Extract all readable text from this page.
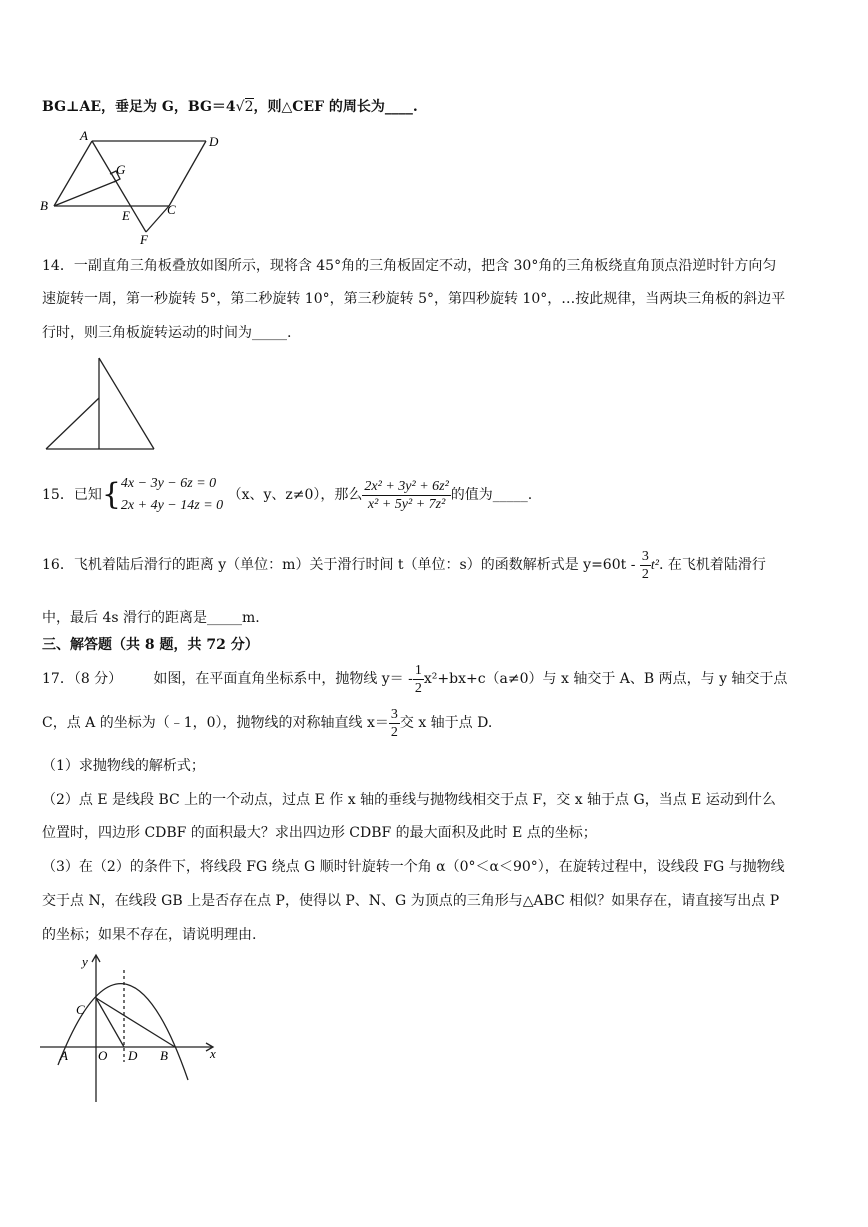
BG⊥AE，垂足为 G，BG＝4√2，则△CEF 的周长为____.
A	D
G
B
E	C
F
14．一副直角三角板叠放如图所示，现将含 45°角的三角板固定不动，把含 30°角的三角板绕直角顶点沿逆时针方向匀
速旋转一周，第一秒旋转 5°，第二秒旋转 10°，第三秒旋转 5°，第四秒旋转 10°，…按此规律，当两块三角板的斜边平
行时，则三角板旋转运动的时间为_____.
15．已知{ 4x − 3y − 6z = 0
2x + 4y − 14z = 0
（x、y、z≠0），那么 $\frac{\text{2x² + 3y² + 6z²}}{\text{x² + 5y² + 7z²}}$ 的值为_____.
16．飞机着陆后滑行的距离 y（单位：m）关于滑行时间 t（单位：s）的函数解析式是 $y=60t - \frac{3}{2} t^2$. 在飞机着陆滑行
中，最后 4s 滑行的距离是_____m.
三、解答题（共 8 题，共 72 分）
17．（8 分） 如图，在平面直角坐标系中，抛物线 $y= - \frac{1}{2} x^2+bx+c(a\ne 0)$与 x 轴交于 A、B 两点，与 y 轴交于点
C，点 A 的坐标为（﹣1，0），抛物线的对称轴直线 $x= \frac{3}{2}$ 交 x 轴于点 D.
（1）求抛物线的解析式；
（2）点 E 是线段 BC 上的一个动点，过点 E 作 x 轴的垂线与抛物线相交于点 F，交 x 轴于点 G，当点 E 运动到什么
位置时，四边形 CDBF 的面积最大？求出四边形 CDBF 的最大面积及此时 E 点的坐标；
（3）在（2）的条件下，将线段 FG 绕点 G 顺时针旋转一个角 α（0°＜α＜90°），在旋转过程中，设线段 FG 与抛物线
交于点 N，在线段 GB 上是否存在点 P，使得以 P、N、G 为顶点的三角形与△ABC 相似？如果存在，请直接写出点 P
的坐标；如果不存在，请说明理由.
y
x
C
A O D B
